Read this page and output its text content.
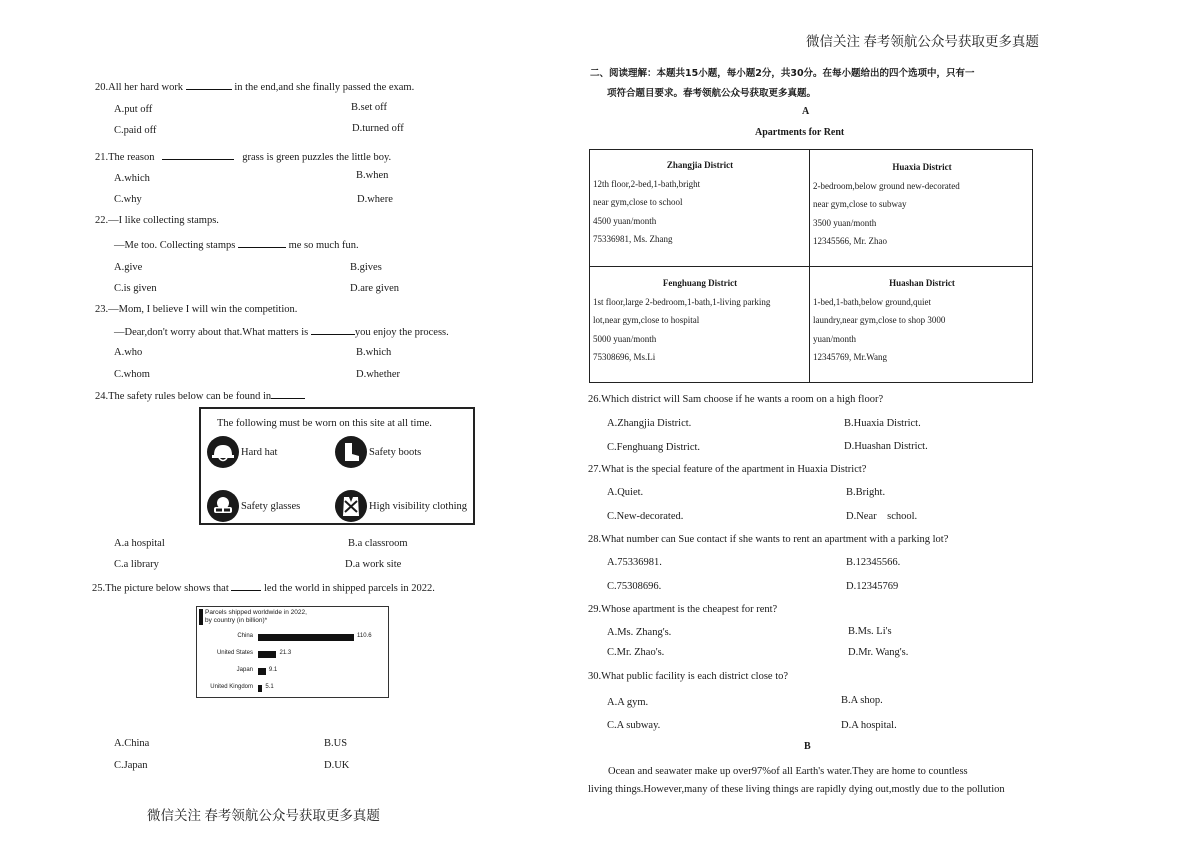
微信关注 春考领航公众号获取更多真题
微信关注 春考领航公众号获取更多真题
20.All her hard work	in the end,and she finally passed the exam.
A.put off	B.set off
C.paid off	D.turned off
21.The reason	grass is green puzzles the little boy.
A.which	B.when
C.why	D.where
22.—I like collecting stamps.
—Me too. Collecting stamps	me so much fun.
A.give	B.gives
C.is given	D.are given
23.—Mom, I believe I will win the competition.
—Dear,don't worry about that.What matters is	you enjoy the process.
A.who	B.which
C.whom	D.whether
24.The safety rules below can be found in
The following must be worn on this site at all time.
Hard hat	Safety boots
Safety glasses	High visibility clothing
A.a hospital	B.a classroom
C.a library	D.a work site
25.The picture below shows that	led the world in shipped parcels in 2022.
Parcels shipped worldwide in 2022, by country (in billion)*
China	110.6
United States	21.3
Japan	9.1
United Kingdom 5.1
A.China	B.US
C.Japan	D.UK
二、阅读理解：本题共15小题，每小题2分，共30分。在每小题给出的四个选项中，只有一
项符合题目要求。春考领航公众号获取更多真题。
A
Apartments for Rent
Zhangjia District
12th floor,2-bed,1-bath,bright
near gym,close to school
4500 yuan/month
75336981, Ms. Zhang
Huaxia District
2-bedroom,below ground new-decorated
near gym,close to subway
3500 yuan/month
12345566, Mr. Zhao
Fenghuang District
1st floor,large 2-bedroom,1-bath,1-living parking
lot,near gym,close to hospital
5000 yuan/month
75308696, Ms.Li
Huashan District
1-bed,1-bath,below ground,quiet
laundry,near gym,close to shop 3000
yuan/month
12345769, Mr.Wang
26.Which district will Sam choose if he wants a room on a high floor?
A.Zhangjia District.	B.Huaxia District.
C.Fenghuang District.	D.Huashan District.
27.What is the special feature of the apartment in Huaxia District?
A.Quiet.	B.Bright.
C.New-decorated.	D.Near    school.
28.What number can Sue contact if she wants to rent an apartment with a parking lot?
A.75336981.	B.12345566.
C.75308696.	D.12345769
29.Whose apartment is the cheapest for rent?
A.Ms. Zhang's.	B.Ms. Li's
C.Mr. Zhao's.	D.Mr. Wang's.
30.What public facility is each district close to?
A.A gym.	B.A shop.
C.A subway.	D.A hospital.
B
Ocean and seawater make up over97%of all Earth's water.They are home to countless
living things.However,many of these living things are rapidly dying out,mostly due to the pollution
